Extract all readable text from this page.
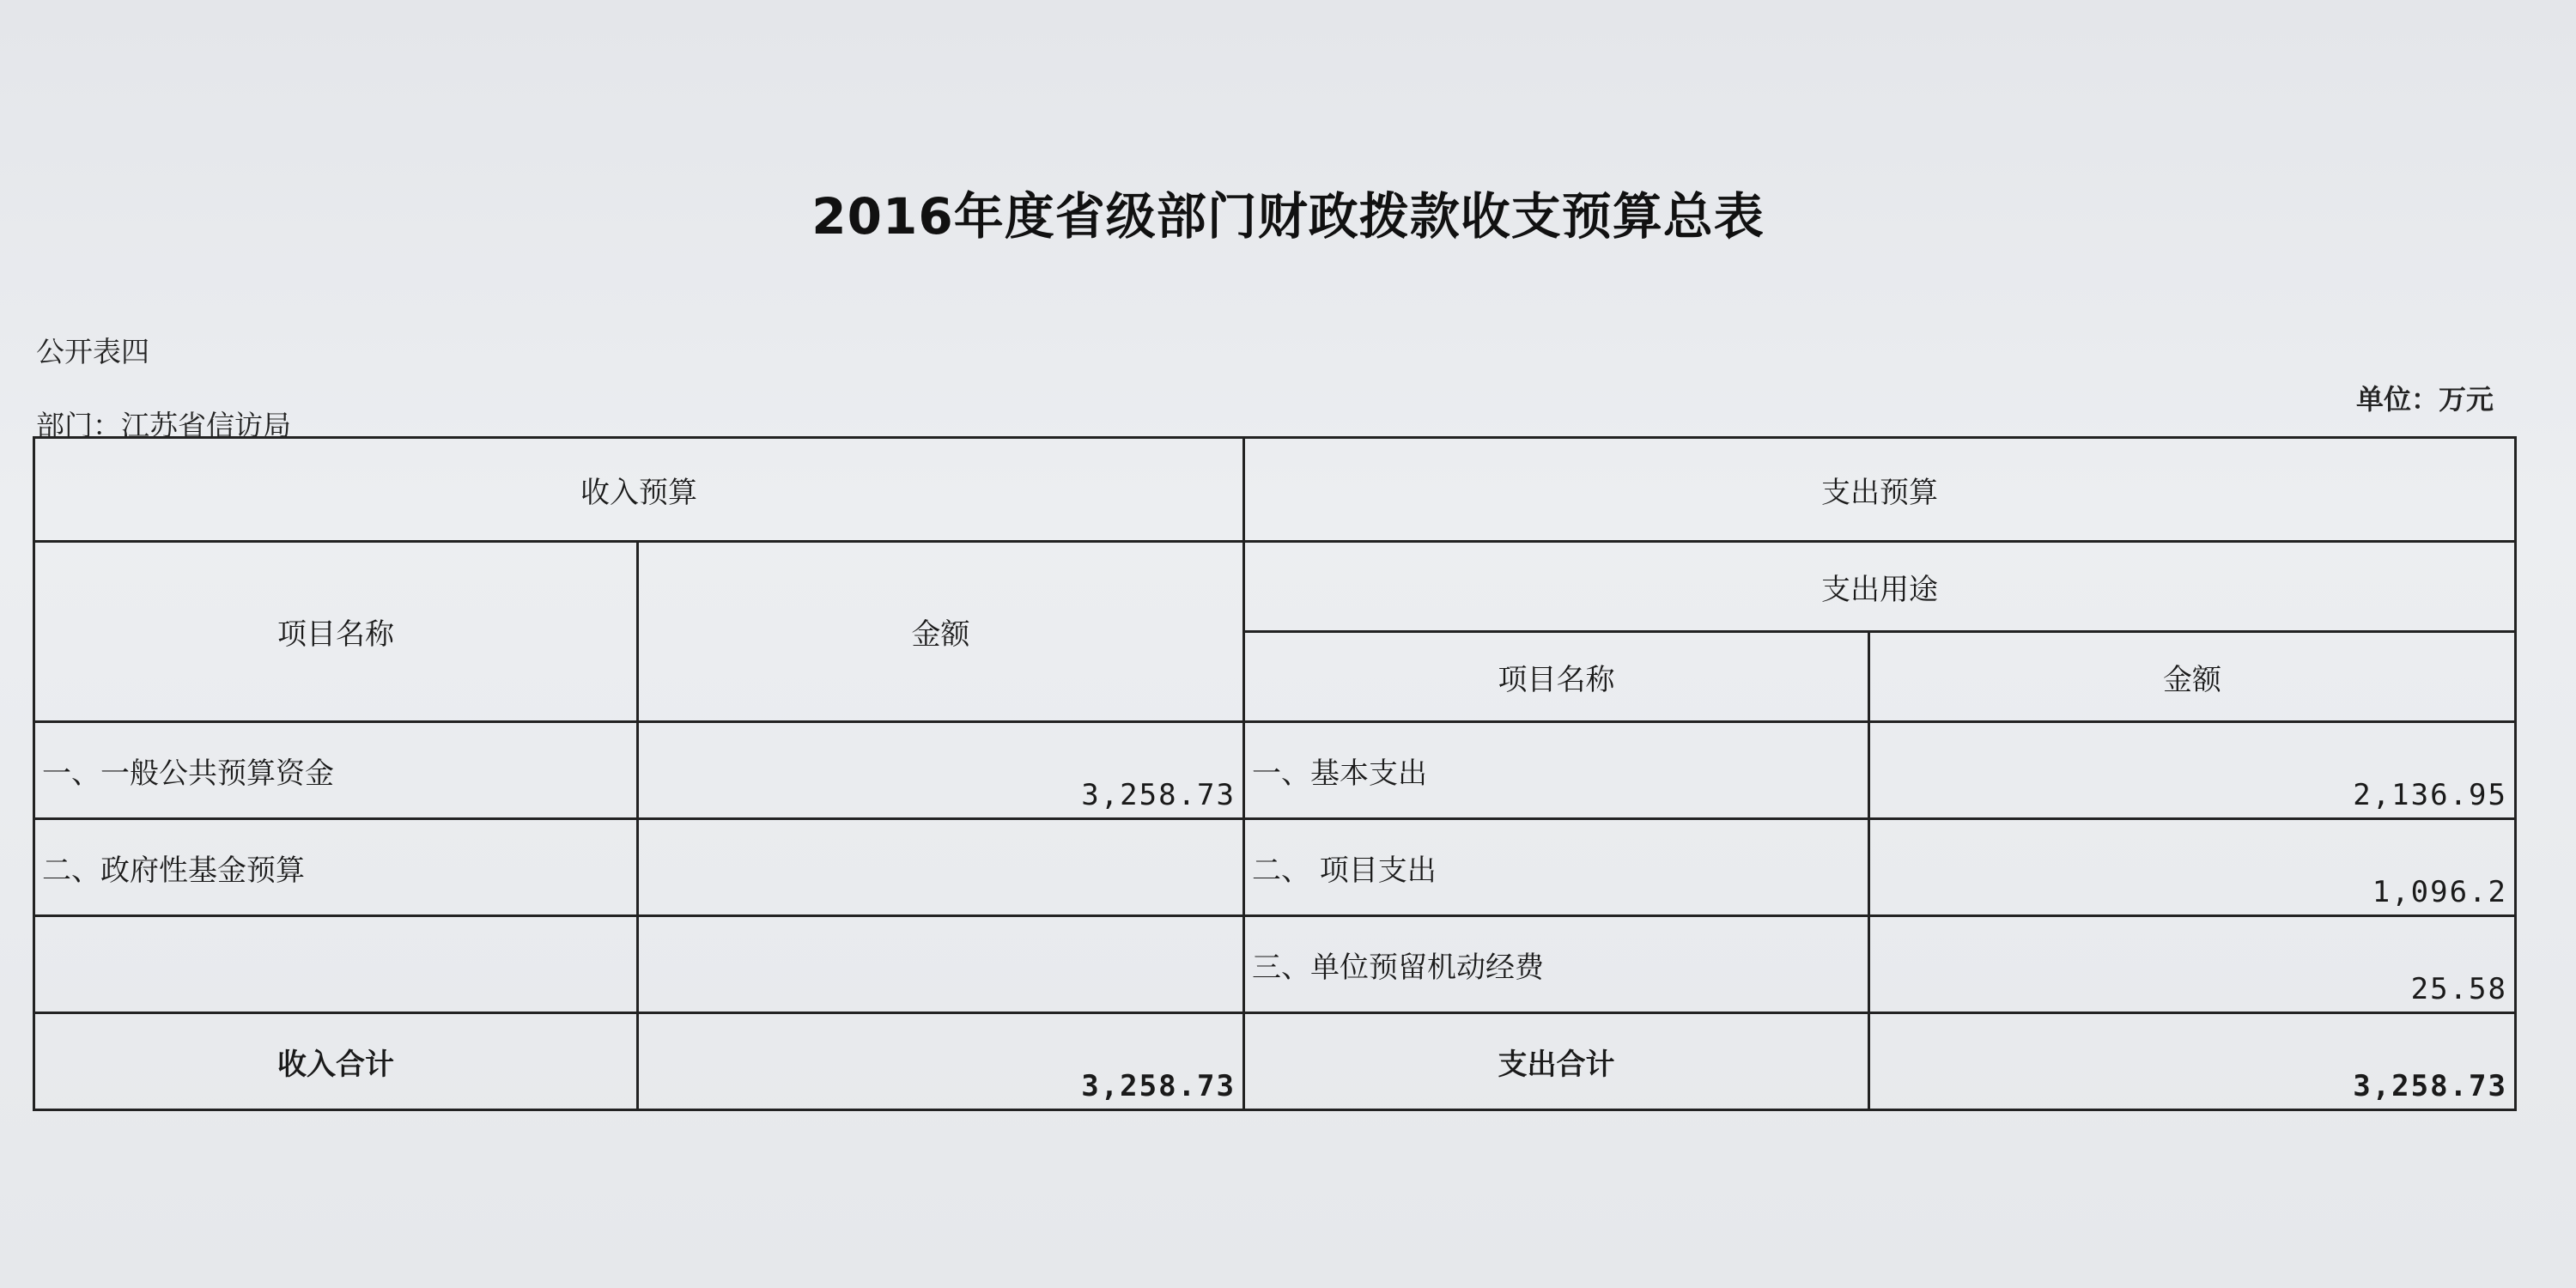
2016年度省级部门财政拨款收支预算总表
公开表四
部门：江苏省信访局
单位：万元
收入预算		支出预算	
项目名称	金额	支出用途	
		项目名称	金额
一、一般公共预算资金	3,258.73	一、基本支出	2,136.95
二、政府性基金预算		二、 项目支出	1,096.2
		三、单位预留机动经费	25.58
收入合计	3,258.73	支出合计	3,258.73
